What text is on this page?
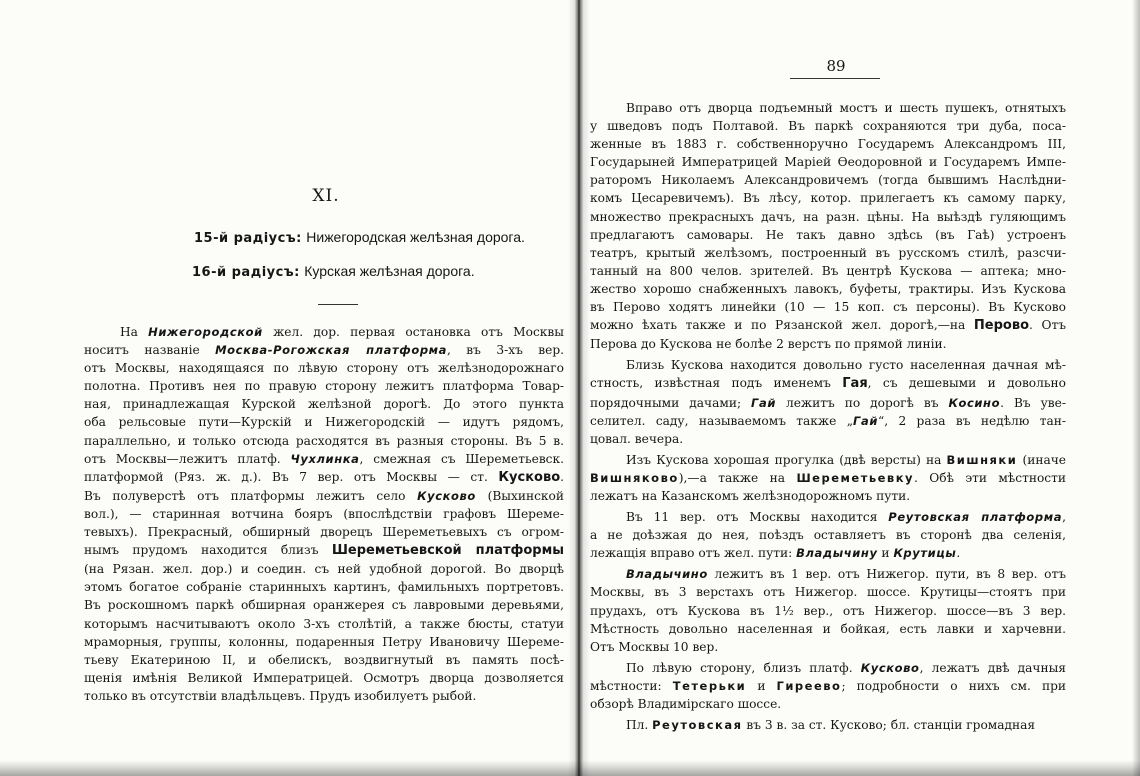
XI.
15-й радіусъ: Нижегородская желѣзная дорога.
16-й радіусъ: Курская желѣзная дорога.
На Нижегородской жел. дор. первая остановка отъ Москвы
носитъ названіе Москва-Рогожская платформа, въ 3-хъ вер.
отъ Москвы, находящаяся по лѣвую сторону отъ желѣзнодорожнаго
полотна. Противъ нея по правую сторону лежитъ платформа Товар-
ная, принадлежащая Курской желѣзной дорогѣ. До этого пункта
оба рельсовые пути—Курскій и Нижегородскій — идутъ рядомъ,
параллельно, и только отсюда расходятся въ разныя стороны. Въ 5 в.
отъ Москвы—лежитъ платф. Чухлинка, смежная съ Шереметьевск.
платформой (Ряз. ж. д.). Въ 7 вер. отъ Москвы — ст. Кусково.
Въ полуверстѣ отъ платформы лежитъ село Кусково (Выхинской
вол.), — старинная вотчина бояръ (впослѣдствіи графовъ Шереме-
тевыхъ). Прекрасный, обширный дворецъ Шереметьевыхъ съ огром-
нымъ прудомъ находится близъ Шереметьевской платформы
(на Рязан. жел. дор.) и соедин. съ ней удобной дорогой. Во дворцѣ
этомъ богатое собраніе старинныхъ картинъ, фамильныхъ портретовъ.
Въ роскошномъ паркѣ обширная оранжерея съ лавровыми деревьями,
которымъ насчитываютъ около 3-хъ столѣтій, а также бюсты, статуи
мраморныя, группы, колонны, подаренныя Петру Ивановичу Шереме-
тьеву Екатериною II, и обелискъ, воздвигнутый въ память посѣ-
щенія имѣнія Великой Императрицей. Осмотръ дворца дозволяется
только въ отсутствіи владѣльцевъ. Прудъ изобилуетъ рыбой.
89
Вправо отъ дворца подъемный мостъ и шесть пушекъ, отнятыхъ
у шведовъ подъ Полтавой. Въ паркѣ сохраняются три дуба, поса-
женные въ 1883 г. собственноручно Государемъ Александромъ III,
Государыней Императрицей Маріей Ѳеодоровной и Государемъ Импе-
раторомъ Николаемъ Александровичемъ (тогда бывшимъ Наслѣдни-
комъ Цесаревичемъ). Въ лѣсу, котор. прилегаетъ къ самому парку,
множество прекрасныхъ дачъ, на разн. цѣны. На выѣздѣ гуляющимъ
предлагаютъ самовары. Не такъ давно здѣсь (въ Гаѣ) устроенъ
театръ, крытый желѣзомъ, построенный въ русскомъ стилѣ, разсчи-
танный на 800 челов. зрителей. Въ центрѣ Кускова — аптека; мно-
жество хорошо снабженныхъ лавокъ, буфеты, трактиры. Изъ Кускова
въ Перово ходятъ линейки (10 — 15 коп. съ персоны). Въ Кусково
можно ѣхать также и по Рязанской жел. дорогѣ,—на Перово. Отъ
Перова до Кускова не болѣе 2 верстъ по прямой линіи.
Близь Кускова находится довольно густо населенная дачная мѣ-
стность, извѣстная подъ именемъ Гая, съ дешевыми и довольно
порядочными дачами; Гай лежитъ по дорогѣ въ Косино. Въ увe-
селител. саду, называемомъ также „Гай“, 2 раза въ недѣлю тан-
цовал. вечера.
Изъ Кускова хорошая прогулка (двѣ версты) на Вишняки (иначе
Вишняково),—а также на Шереметьевку. Обѣ эти мѣстности
лежатъ на Казанскомъ желѣзнодорожномъ пути.
Въ 11 вер. отъ Москвы находится Реутовская платформа,
а не доѣзжая до нея, поѣздъ оставляетъ въ сторонѣ два селенія,
лежащія вправо отъ жел. пути: Владычину и Крутицы.
Владычино лежитъ въ 1 вер. отъ Нижегор. пути, въ 8 вер. отъ
Москвы, въ 3 верстахъ отъ Нижегор. шоссе. Крутицы—стоятъ при
прудахъ, отъ Кускова въ 1½ вер., отъ Нижегор. шоссе—въ 3 вер.
Мѣстность довольно населенная и бойкая, есть лавки и харчевни.
Отъ Москвы 10 вер.
По лѣвую сторону, близъ платф. Кусково, лежатъ двѣ дачныя
мѣстности: Тетерьки и Гиреево; подробности о нихъ см. при
обзорѣ Владимірскаго шоссе.
Пл. Реутовская въ 3 в. за ст. Кусково; бл. станціи громадная
